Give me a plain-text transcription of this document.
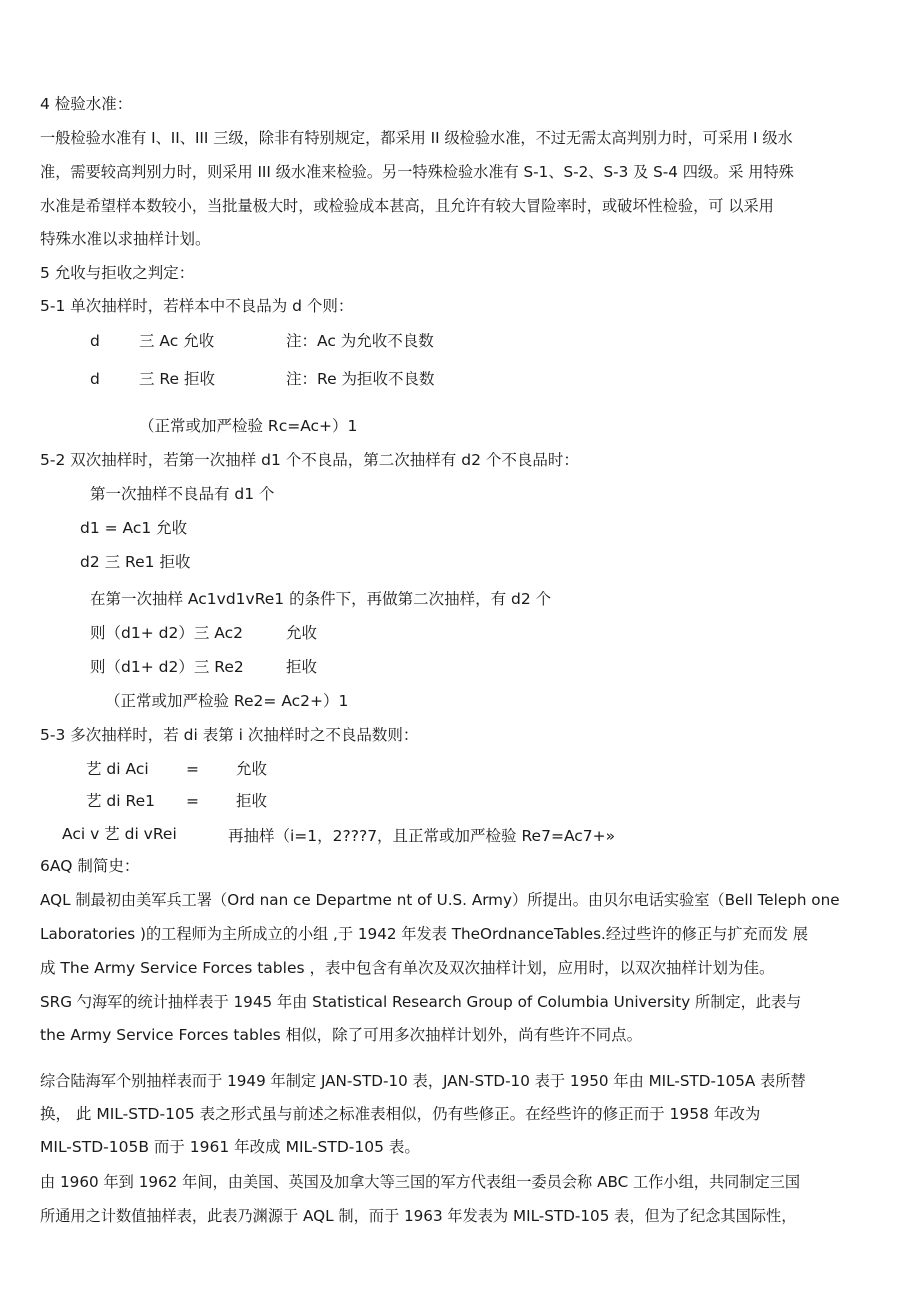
4 检验水准：
一般检验水准有 I、II、III 三级，除非有特别规定，都采用 II 级检验水准，不过无需太高判别力时，可采用 I 级水
准，需要较高判别力时，则采用 III 级水准来检验。另一特殊检验水准有 S-1、S-2、S-3 及 S-4 四级。采 用特殊
水准是希望样本数较小，当批量极大时，或检验成本甚高，且允许有较大冒险率时，或破坏性检验，可 以采用
特殊水准以求抽样计划。
5 允收与拒收之判定：
5-1 单次抽样时，若样本中不良品为 d 个则：
d	三 Ac 允收	注：Ac 为允收不良数
d	三 Re 拒收	注：Re 为拒收不良数
（正常或加严检验 Rc=Ac+）1
5-2 双次抽样时，若第一次抽样 d1 个不良品，第二次抽样有 d2 个不良品时：
第一次抽样不良品有 d1 个
d1 = Ac1 允收
d2 三 Re1 拒收
在第一次抽样 Ac1vd1vRe1 的条件下，再做第二次抽样，有 d2 个
则（d1+ d2）三 Ac2	允收
则（d1+ d2）三 Re2	拒收
（正常或加严检验 Re2= Ac2+）1
5-3 多次抽样时，若 di 表第 i 次抽样时之不良品数则：
艺 di Aci = 允收
艺 di Re1 = 拒收
Aci v 艺 di vRei	再抽样（i=1，2???7，且正常或加严检验 Re7=Ac7+»
6AQ 制简史：
AQL 制最初由美军兵工署（Ord nan ce Departme nt of U.S. Army）所提出。由贝尔电话实验室（Bell Teleph one
Laboratories )的工程师为主所成立的小组 ,于 1942 年发表 TheOrdnanceTables.经过些许的修正与扩充而发 展
成 The Army Service Forces tables ，表中包含有单次及双次抽样计划，应用时，以双次抽样计划为佳。
SRG 勺海军的统计抽样表于 1945 年由 Statistical Research Group of Columbia University 所制定，此表与
the Army Service Forces tables 相似，除了可用多次抽样计划外，尚有些许不同点。
综合陆海军个别抽样表而于 1949 年制定 JAN-STD-10 表，JAN-STD-10 表于 1950 年由 MIL-STD-105A 表所替
换， 此 MIL-STD-105 表之形式虽与前述之标准表相似，仍有些修正。在经些许的修正而于 1958 年改为
MIL-STD-105B 而于 1961 年改成 MIL-STD-105 表。
由 1960 年到 1962 年间，由美国、英国及加拿大等三国的军方代表组一委员会称 ABC 工作小组，共同制定三国
所通用之计数值抽样表，此表乃渊源于 AQL 制，而于 1963 年发表为 MIL-STD-105 表，但为了纪念其国际性，
